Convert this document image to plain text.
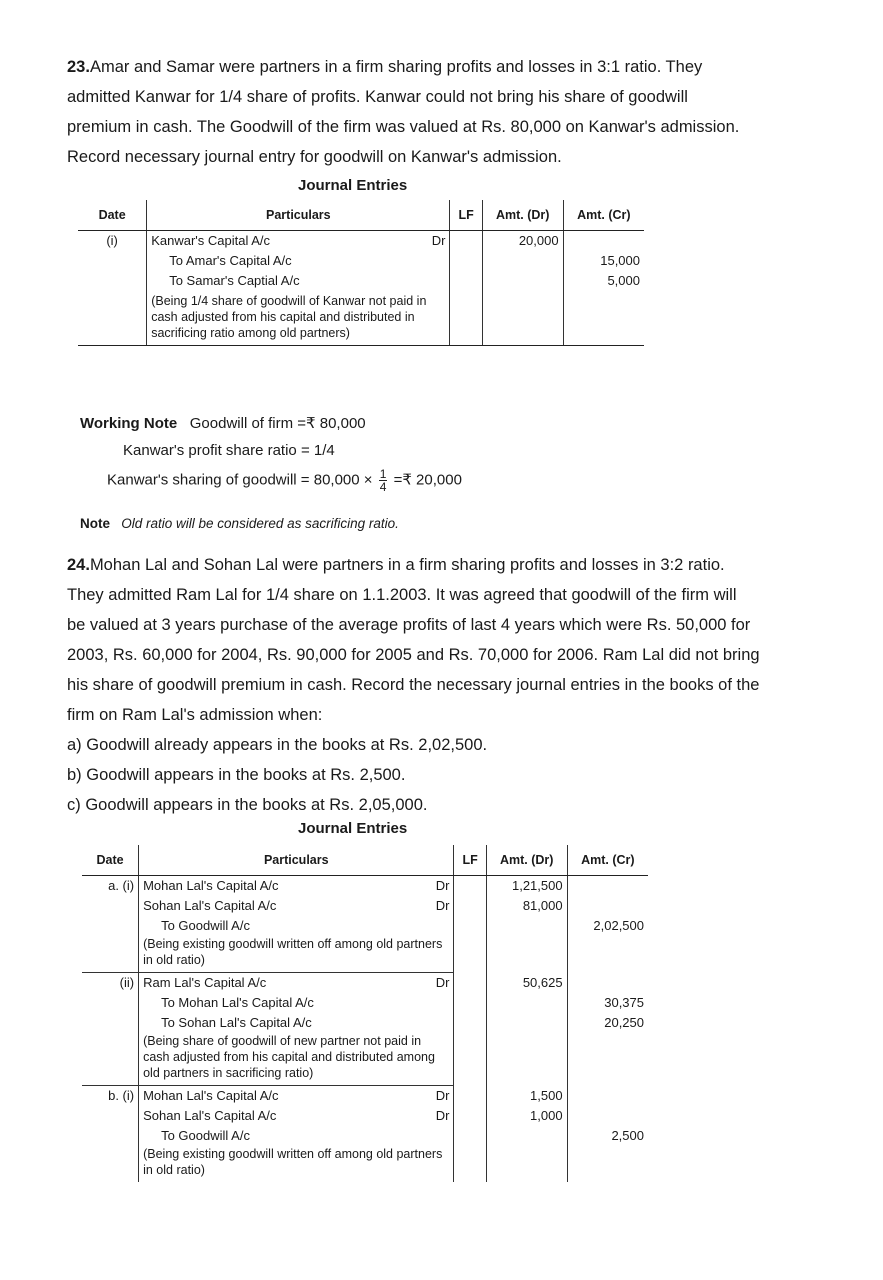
23.Amar and Samar were partners in a firm sharing profits and losses in 3:1 ratio. They
admitted Kanwar for 1/4 share of profits. Kanwar could not bring his share of goodwill
premium in cash. The Goodwill of the firm was valued at Rs. 80,000 on Kanwar's admission.
Record necessary journal entry for goodwill on Kanwar's admission.
Journal Entries
Date	Particulars	LF	Amt. (Dr)	Amt. (Cr)
(i)	Kanwar's Capital A/c Dr		20,000	
	To Amar's Capital A/c			15,000
	To Samar's Captial A/c			5,000
	(Being 1/4 share of goodwill of Kanwar not paid in cash adjusted from his capital and distributed in sacrificing ratio among old partners)			
Working Note Goodwill of firm =₹ 80,000
Kanwar's profit share ratio = 1/4
Kanwar's sharing of goodwill = $80,000 \times \frac{1}{4}$ =₹ 20,000
Note Old ratio will be considered as sacrificing ratio.
24.Mohan Lal and Sohan Lal were partners in a firm sharing profits and losses in 3:2 ratio.
They admitted Ram Lal for 1/4 share on 1.1.2003. It was agreed that goodwill of the firm will
be valued at 3 years purchase of the average profits of last 4 years which were Rs. 50,000 for
2003, Rs. 60,000 for 2004, Rs. 90,000 for 2005 and Rs. 70,000 for 2006. Ram Lal did not bring
his share of goodwill premium in cash. Record the necessary journal entries in the books of the
firm on Ram Lal's admission when:
a) Goodwill already appears in the books at Rs. 2,02,500.
b) Goodwill appears in the books at Rs. 2,500.
c) Goodwill appears in the books at Rs. 2,05,000.
Journal Entries
Date	Particulars	LF	Amt. (Dr)	Amt. (Cr)
a. (i)	Mohan Lal's Capital A/c Dr		1,21,500	
	Sohan Lal's Capital A/c Dr		81,000	
	To Goodwill A/c			2,02,500
	(Being existing goodwill written off among old partners in old ratio)			
(ii)	Ram Lal's Capital A/c Dr		50,625	
	To Mohan Lal's Capital A/c			30,375
	To Sohan Lal's Capital A/c			20,250
	(Being share of goodwill of new partner not paid in cash adjusted from his capital and distributed among old partners in sacrificing ratio)			
b. (i)	Mohan Lal's Capital A/c Dr		1,500	
	Sohan Lal's Capital A/c Dr		1,000	
	To Goodwill A/c			2,500
	(Being existing goodwill written off among old partners in old ratio)			
